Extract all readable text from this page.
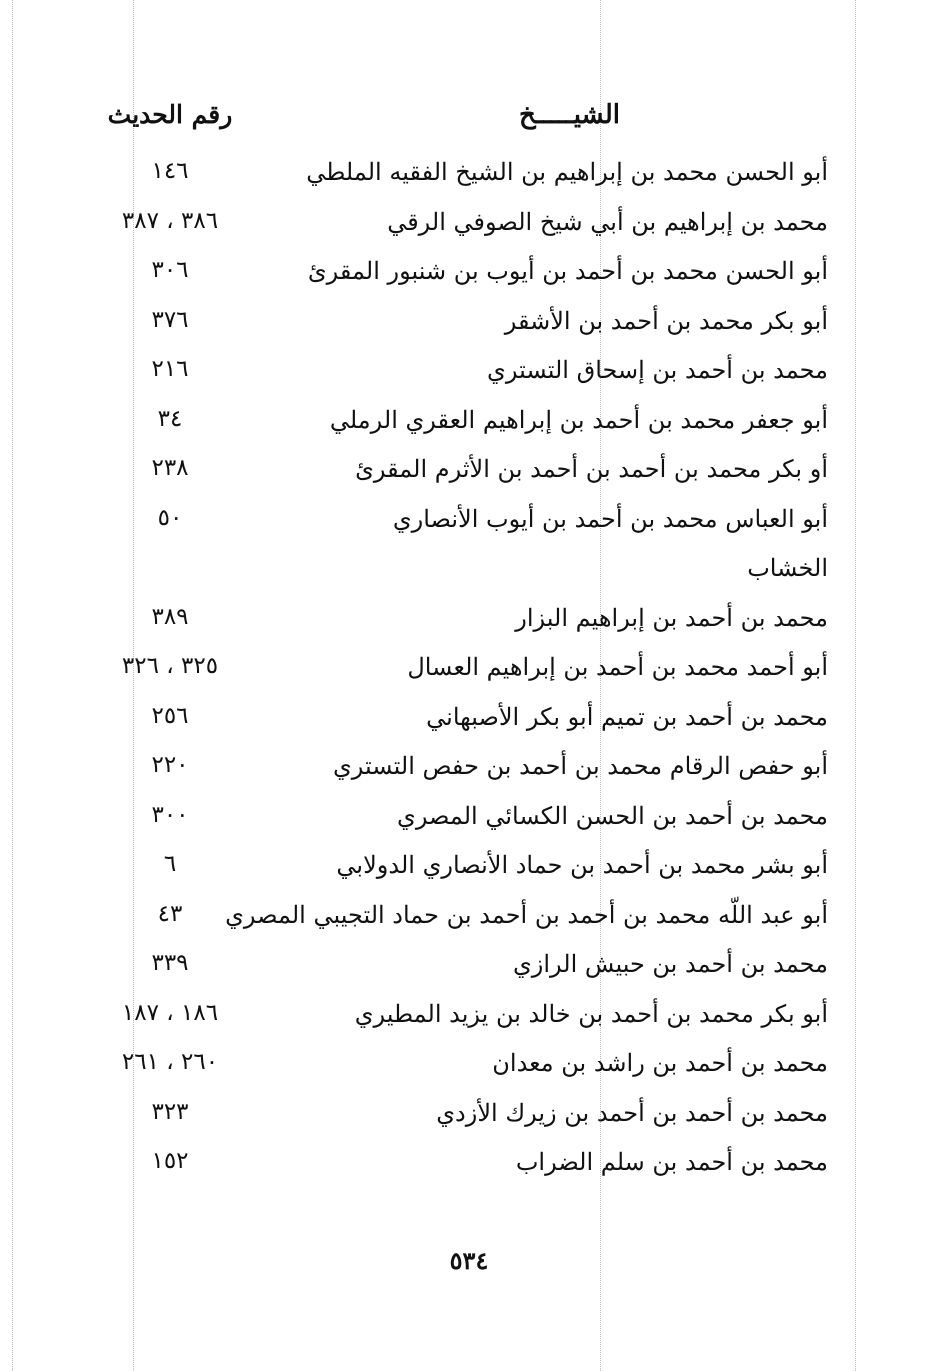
الشيـــــخ
رقم الحديث
أبو الحسن محمد بن إبراهيم بن الشيخ الفقيه الملطي
١٤٦
محمد بن إبراهيم بن أبي شيخ الصوفي الرقي
٣٨٦ ، ٣٨٧
أبو الحسن محمد بن أحمد بن أيوب بن شنبور المقرئ
٣٠٦
أبو بكر محمد بن أحمد بن الأشقر
٣٧٦
محمد بن أحمد بن إسحاق التستري
٢١٦
أبو جعفر محمد بن أحمد بن إبراهيم العقري الرملي
٣٤
أو بكر محمد بن أحمد بن أحمد بن الأثرم المقرئ
٢٣٨
أبو العباس محمد بن أحمد بن أيوب الأنصاري
٥٠
الخشاب
محمد بن أحمد بن إبراهيم البزار
٣٨٩
أبو أحمد محمد بن أحمد بن إبراهيم العسال
٣٢٥ ، ٣٢٦
محمد بن أحمد بن تميم أبو بكر الأصبهاني
٢٥٦
أبو حفص الرقام محمد بن أحمد بن حفص التستري
٢٢٠
محمد بن أحمد بن الحسن الكسائي المصري
٣٠٠
أبو بشر محمد بن أحمد بن حماد الأنصاري الدولابي
٦
أبو عبد اللّه محمد بن أحمد بن أحمد بن حماد التجيبي المصري
٤٣
محمد بن أحمد بن حبيش الرازي
٣٣٩
أبو بكر محمد بن أحمد بن خالد بن يزيد المطيري
١٨٦ ، ١٨٧
محمد بن أحمد بن راشد بن معدان
٢٦٠ ، ٢٦١
محمد بن أحمد بن أحمد بن زيرك الأزدي
٣٢٣
محمد بن أحمد بن سلم الضراب
١٥٢
٥٣٤
